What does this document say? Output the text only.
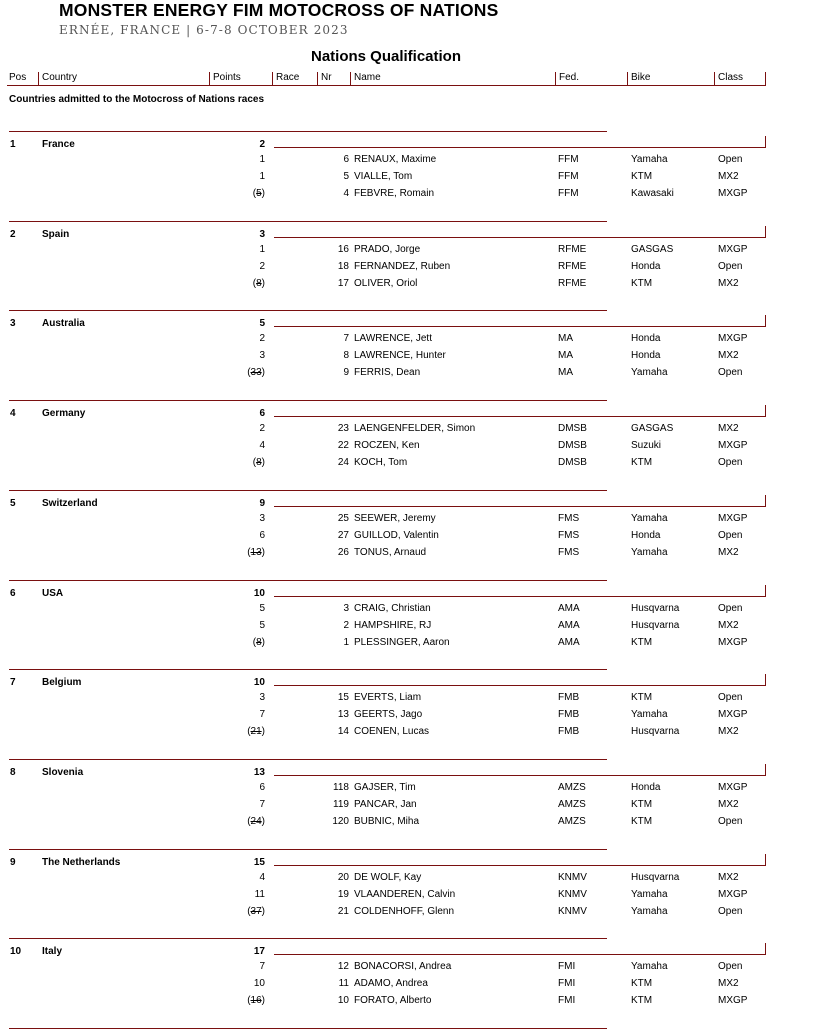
MONSTER ENERGY FIM MOTOCROSS OF NATIONS
ERNÉE, FRANCE | 6-7-8 OCTOBER 2023
Nations Qualification
Pos	Country	Points	Race	Nr	Name	Fed.	Bike	Class
Countries admitted to the Motocross of Nations races
1	France	2
1	6 RENAUX, Maxime	FFM	Yamaha	Open
1	5 VIALLE, Tom	FFM	KTM	MX2
(5)	4 FEBVRE, Romain	FFM	Kawasaki	MXGP
2	Spain	3
1	16 PRADO, Jorge	RFME	GASGAS	MXGP
2	18 FERNANDEZ, Ruben	RFME	Honda	Open
(8)	17 OLIVER, Oriol	RFME	KTM	MX2
3	Australia	5
2	7 LAWRENCE, Jett	MA	Honda	MXGP
3	8 LAWRENCE, Hunter	MA	Honda	MX2
(33)	9 FERRIS, Dean	MA	Yamaha	Open
4	Germany	6
2	23 LAENGENFELDER, Simon	DMSB	GASGAS	MX2
4	22 ROCZEN, Ken	DMSB	Suzuki	MXGP
(8)	24 KOCH, Tom	DMSB	KTM	Open
5	Switzerland	9
3	25 SEEWER, Jeremy	FMS	Yamaha	MXGP
6	27 GUILLOD, Valentin	FMS	Honda	Open
(13)	26 TONUS, Arnaud	FMS	Yamaha	MX2
6	USA	10
5	3 CRAIG, Christian	AMA	Husqvarna	Open
5	2 HAMPSHIRE, RJ	AMA	Husqvarna	MX2
(8)	1 PLESSINGER, Aaron	AMA	KTM	MXGP
7	Belgium	10
3	15 EVERTS, Liam	FMB	KTM	Open
7	13 GEERTS, Jago	FMB	Yamaha	MXGP
(21)	14 COENEN, Lucas	FMB	Husqvarna	MX2
8	Slovenia	13
6	118 GAJSER, Tim	AMZS	Honda	MXGP
7	119 PANCAR, Jan	AMZS	KTM	MX2
(24)	120 BUBNIC, Miha	AMZS	KTM	Open
9	The Netherlands	15
4	20 DE WOLF, Kay	KNMV	Husqvarna	MX2
11	19 VLAANDEREN, Calvin	KNMV	Yamaha	MXGP
(37)	21 COLDENHOFF, Glenn	KNMV	Yamaha	Open
10 Italy	17
7	12 BONACORSI, Andrea	FMI	Yamaha	Open
10	11 ADAMO, Andrea	FMI	KTM	MX2
(16)	10 FORATO, Alberto	FMI	KTM	MXGP
